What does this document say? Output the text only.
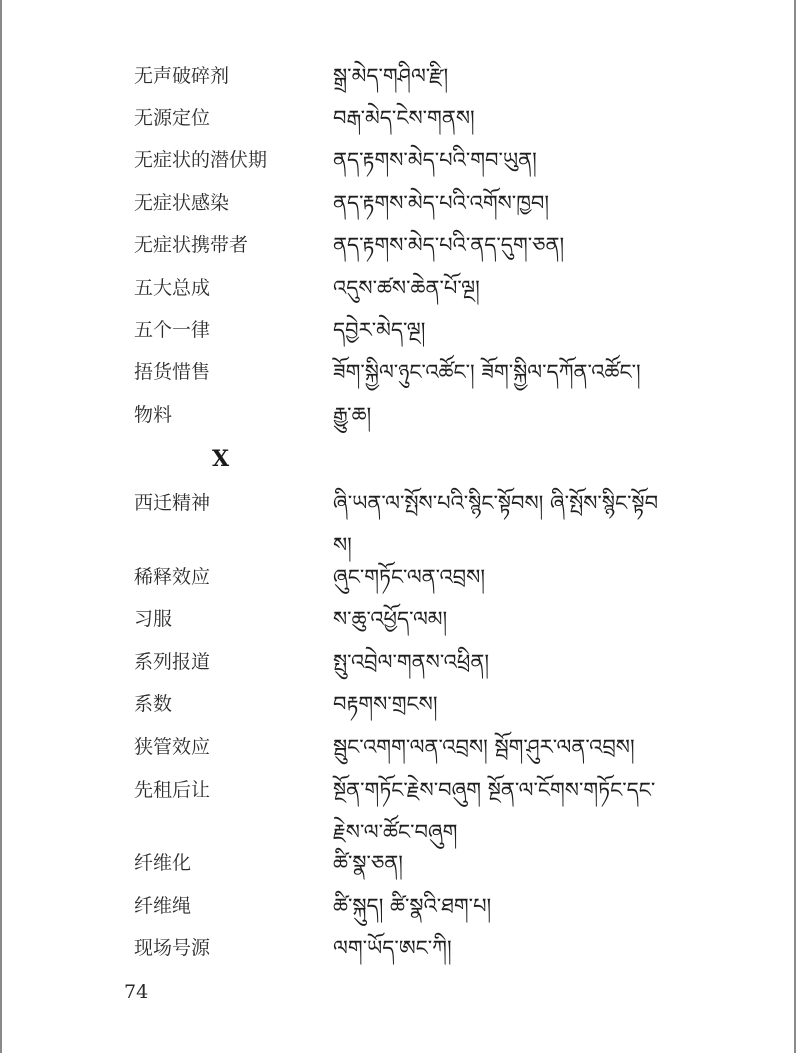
无声破碎剂	སྒྲ་མེད་གཤིལ་རྫི།
无源定位	བརྒ་མེད་ངེས་གནས།
无症状的潜伏期	ནད་རྟགས་མེད་པའི་གབ་ཡུན།
无症状感染	ནད་རྟགས་མེད་པའི་འགོས་ཁྱབ།
无症状携带者	ནད་རྟགས་མེད་པའི་ནད་དུག་ཅན།
五大总成	འདུས་ཚས་ཆེན་པོ་ལྔ།
五个一律	དབྱེར་མེད་ལྔ།
捂货惜售	ཟོག་སྐྱིལ་ཉུང་འཚོང་། ཟོག་སྐྱིལ་དཀོན་འཚོང་།
物料	རྒྱུ་ཆ།
X
西迁精神	ཞི་ཡན་ལ་སྤོས་པའི་སྙིང་སྟོབས། ཞི་སྤོས་སྙིང་སྟོབས།
稀释效应	ཞུང་གཏོང་ལན་འབྲས།
习服	ས་ཆུ་འཕྱོད་ལམ།
系列报道	སྤུ་འབྲེལ་གནས་འཕྲིན།
系数	བརྟགས་གྲངས།
狭管效应	སྦུང་འགག་ལན་འབྲས། སྦོག་ཤུར་ལན་འབྲས།
先租后让	སྔོན་གཏོང་རྗེས་བཞུག སྔོན་ལ་ངོགས་གཏོང་དང་རྗེས་ལ་ཚོང་བཞུག
纤维化	ཚི་སྣ་ཅན།
纤维绳	ཚི་སྐུད། ཚི་སྣའི་ཐག་པ།
现场号源	ལག་ཡོད་ཨང་ཀི།
74
